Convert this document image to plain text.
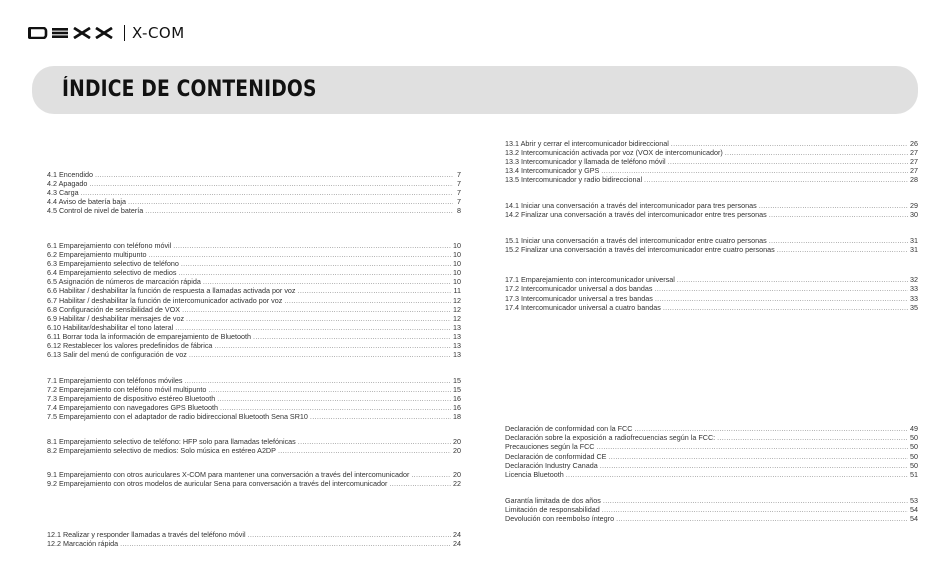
X-COM
ÍNDICE DE CONTENIDOS
4.1 Encendido .....	7
4.2 Apagado .....	7
4.3 Carga .....	7
4.4 Aviso de batería baja .....	7
4.5 Control de nivel de batería .....	8
6.1 Emparejamiento con teléfono móvil .....	10
6.2 Emparejamiento multipunto .....	10
6.3 Emparejamiento selectivo de teléfono .....	10
6.4 Emparejamiento selectivo de medios .....	10
6.5 Asignación de números de marcación rápida .....	10
6.6 Habilitar / deshabilitar la función de respuesta a llamadas activada por voz .....	11
6.7 Habilitar / deshabilitar la función de intercomunicador activado por voz .....	12
6.8 Configuración de sensibilidad de VOX .....	12
6.9 Habilitar / deshabilitar mensajes de voz .....	12
6.10 Habilitar/deshabilitar el tono lateral .....	13
6.11 Borrar toda la información de emparejamiento de Bluetooth .....	13
6.12 Restablecer los valores predefinidos de fábrica .....	13
6.13 Salir del menú de configuración de voz .....	13
7.1 Emparejamiento con teléfonos móviles .....	15
7.2 Emparejamiento con teléfono móvil multipunto .....	15
7.3 Emparejamiento de dispositivo estéreo Bluetooth .....	16
7.4 Emparejamiento con navegadores GPS Bluetooth .....	16
7.5 Emparejamiento con el adaptador de radio bidireccional Bluetooth Sena SR10 .....	18
8.1 Emparejamiento selectivo de teléfono: HFP solo para llamadas telefónicas .....	20
8.2 Emparejamiento selectivo de medios: Solo música en estéreo A2DP .....	20
9.1 Emparejamiento con otros auriculares X-COM para mantener una conversación a través del intercomunicador .....	20
9.2 Emparejamiento con otros modelos de auricular Sena para conversación a través del intercomunicador .....	22
12.1 Realizar y responder llamadas a través del teléfono móvil .....	24
12.2 Marcación rápida .....	24
13.1 Abrir y cerrar el intercomunicador bidireccional .....	26
13.2 Intercomunicación activada por voz (VOX de intercomunicador) .....	27
13.3 Intercomunicador y llamada de teléfono móvil .....	27
13.4 Intercomunicador y GPS .....	27
13.5 Intercomunicador y radio bidireccional .....	28
14.1 Iniciar una conversación a través del intercomunicador para tres personas .....	29
14.2 Finalizar una conversación a través del intercomunicador entre tres personas .....	30
15.1 Iniciar una conversación a través del intercomunicador entre cuatro personas .....	31
15.2 Finalizar una conversación a través del intercomunicador entre cuatro personas .....	31
17.1 Emparejamiento con intercomunicador universal .....	32
17.2 Intercomunicador universal a dos bandas .....	33
17.3 Intercomunicador universal a tres bandas .....	33
17.4 Intercomunicador universal a cuatro bandas .....	35
Declaración de conformidad con la FCC .....	49
Declaración sobre la exposición a radiofrecuencias según la FCC: .....	50
Precauciones según la FCC .....	50
Declaración de conformidad CE .....	50
Declaración Industry Canada .....	50
Licencia Bluetooth .....	51
Garantía limitada de dos años .....	53
Limitación de responsabilidad .....	54
Devolución con reembolso íntegro .....	54
